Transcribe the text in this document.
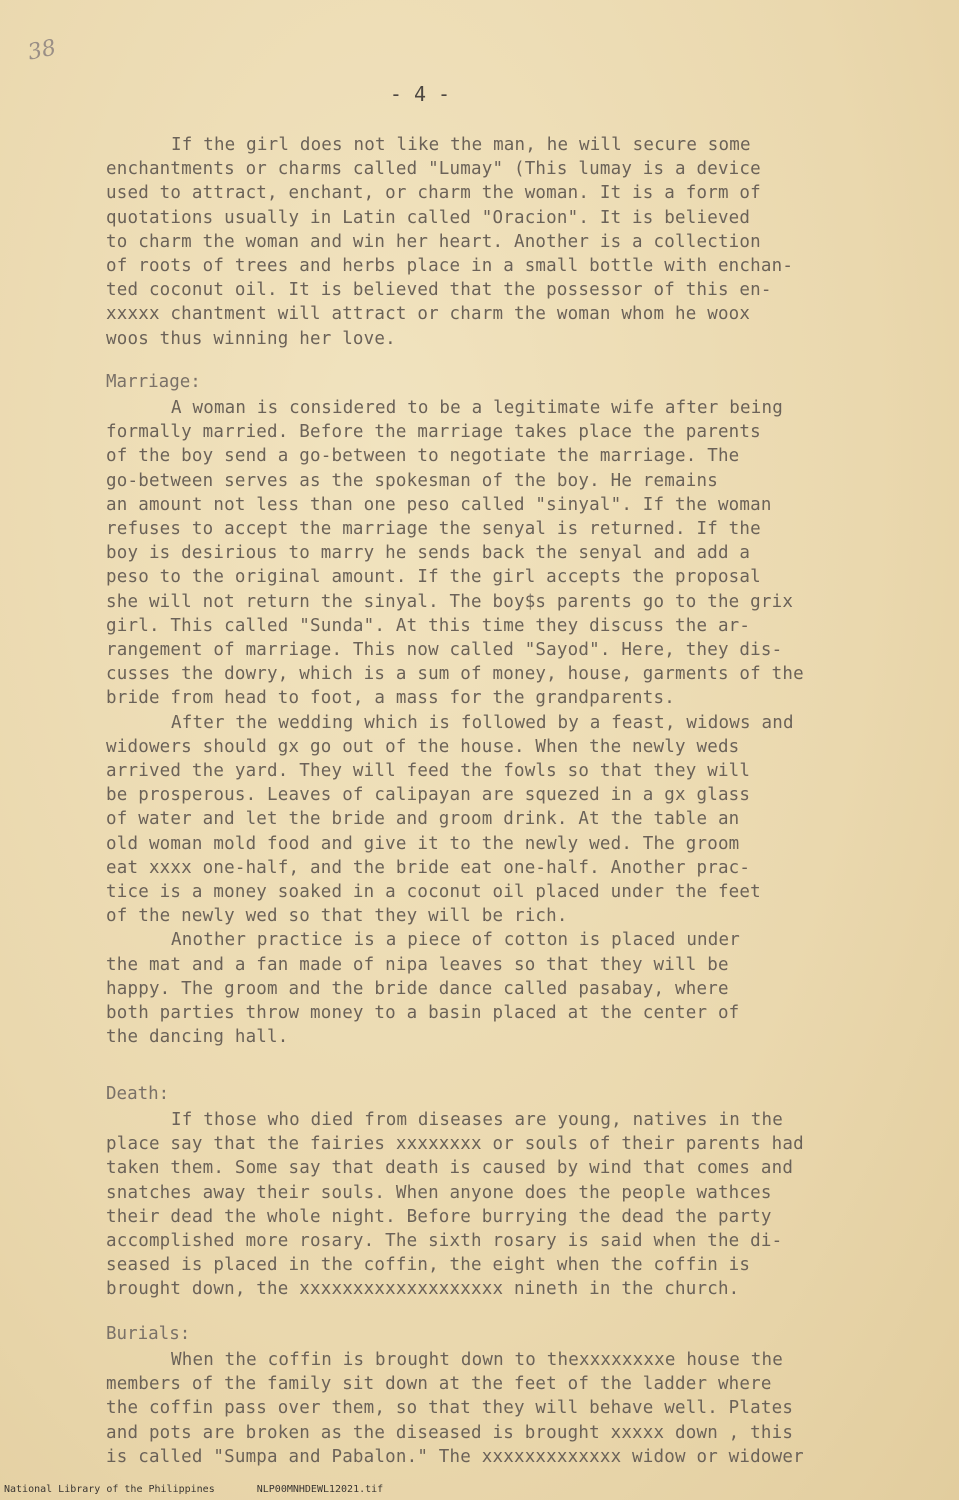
38
- 4 -

If the girl does not like the man, he will secure some

enchantments or charms called "Lumay" (This lumay is a device

used to attract, enchant, or charm the woman. It is a form of

quotations usually in Latin called "Oracion". It is believed

to charm the woman and win her heart. Another is a collection

of roots of trees and herbs place in a small bottle with enchan-

ted coconut oil. It is believed that the possessor of this en-

xxxxx chantment will attract or charm the woman whom he woox

woos thus winning her love.

Marriage:

A woman is considered to be a legitimate wife after being

formally married. Before the marriage takes place the parents

of the boy send a go-between to negotiate the marriage. The

go-between serves as the spokesman of the boy. He remains

an amount not less than one peso called "sinyal". If the woman

refuses to accept the marriage the senyal is returned. If the

boy is desirious to marry he sends back the senyal and add a

peso to the original amount. If the girl accepts the proposal

she will not return the sinyal. The boy$s parents go to the grix

girl. This called "Sunda". At this time they discuss the ar-

rangement of marriage. This now called "Sayod". Here, they dis-

cusses the dowry, which is a sum of money, house, garments of the

bride from head to foot, a mass for the grandparents.

After the wedding which is followed by a feast, widows and

widowers should gx go out of the house. When the newly weds

arrived the yard. They will feed the fowls so that they will

be prosperous. Leaves of calipayan are squezed in a gx glass

of water and let the bride and groom drink. At the table an

old woman mold food and give it to the newly wed. The groom

eat xxxx one-half, and the bride eat one-half. Another prac-

tice is a money soaked in a coconut oil placed under the feet

of the newly wed so that they will be rich.

Another practice is a piece of cotton is placed under

the mat and a fan made of nipa leaves so that they will be

happy. The groom and the bride dance called pasabay, where

both parties throw money to a basin placed at the center of

the dancing hall.

Death:

If those who died from diseases are young, natives in the

place say that the fairies xxxxxxxx or souls of their parents had

taken them. Some say that death is caused by wind that comes and

snatches away their souls. When anyone does the people wathces

their dead the whole night. Before burrying the dead the party

accomplished more rosary. The sixth rosary is said when the di-

seased is placed in the coffin, the eight when the coffin is

brought down, the xxxxxxxxxxxxxxxxxxx nineth in the church.

Burials:

When the coffin is brought down to thexxxxxxxxe house the

members of the family sit down at the feet of the ladder where

the coffin pass over them, so that they will behave well. Plates

and pots are broken as the diseased is brought xxxxx down , this

is called "Sumpa and Pabalon." The xxxxxxxxxxxxx widow or widower

National Library of the Philippines	NLP00MNHDEWL12021.tif
